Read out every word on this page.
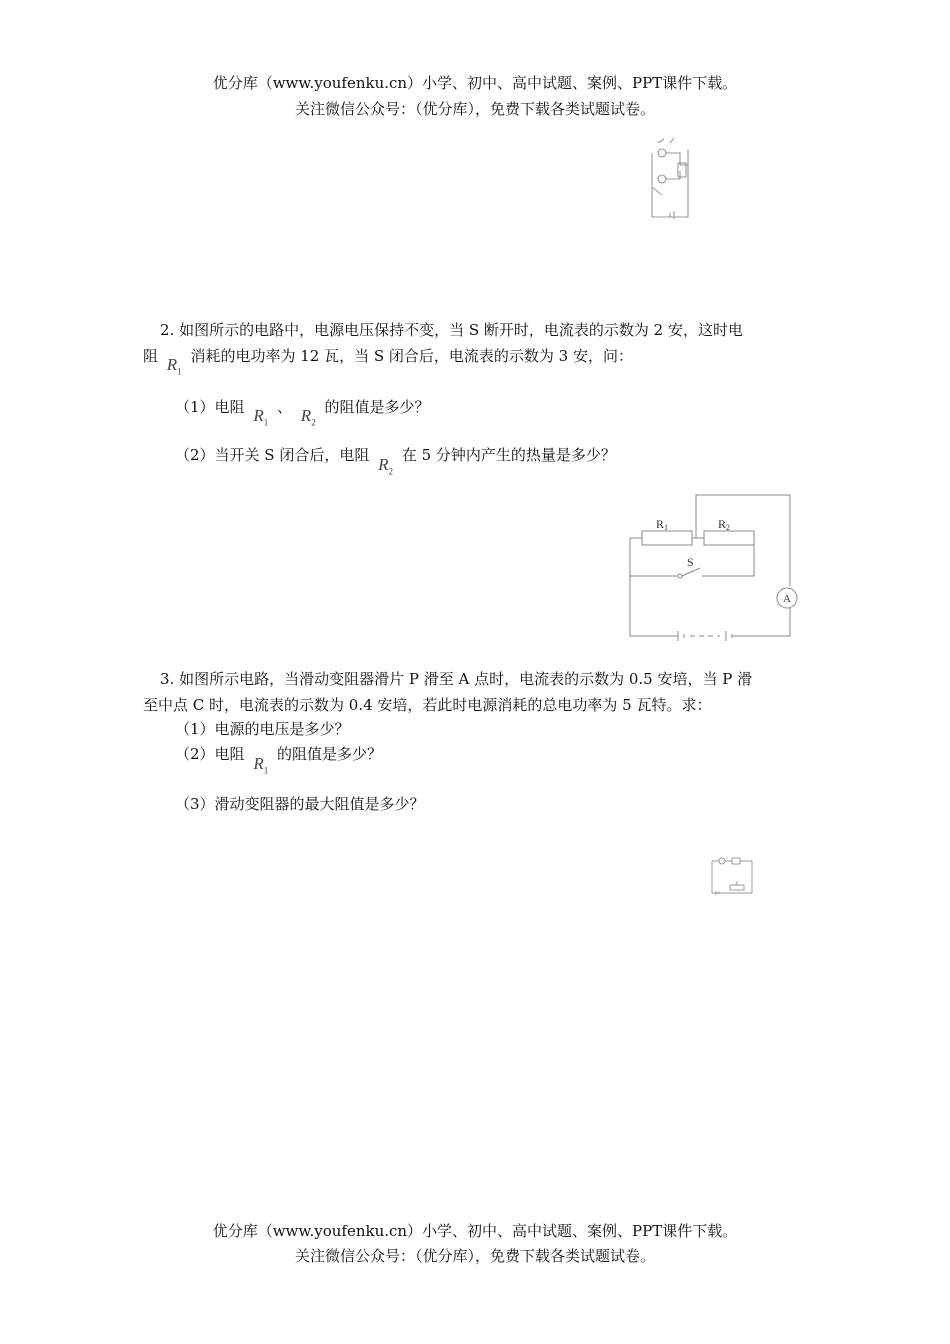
优分库（www.youfenku.cn）小学、初中、高中试题、案例、PPT课件下载。
关注微信公众号：（优分库），免费下载各类试题试卷。
2. 如图所示的电路中，电源电压保持不变，当 S 断开时，电流表的示数为 2 安，这时电
阻 $R_1$ 消耗的电功率为 12 瓦，当 S 闭合后，电流表的示数为 3 安，问：
（1）电阻 $R_1$ 、 $R_2$ 的阻值是多少？
（2）当开关 S 闭合后，电阻 $R_2$ 在 5 分钟内产生的热量是多少？
R1	R2
S
A
3. 如图所示电路，当滑动变阻器滑片 P 滑至 A 点时，电流表的示数为 0.5 安培，当 P 滑
至中点 C 时，电流表的示数为 0.4 安培，若此时电源消耗的总电功率为 5 瓦特。求：
（1）电源的电压是多少？
（2）电阻 $R_1$ 的阻值是多少？
（3）滑动变阻器的最大阻值是多少？
优分库（www.youfenku.cn）小学、初中、高中试题、案例、PPT课件下载。
关注微信公众号：（优分库），免费下载各类试题试卷。
